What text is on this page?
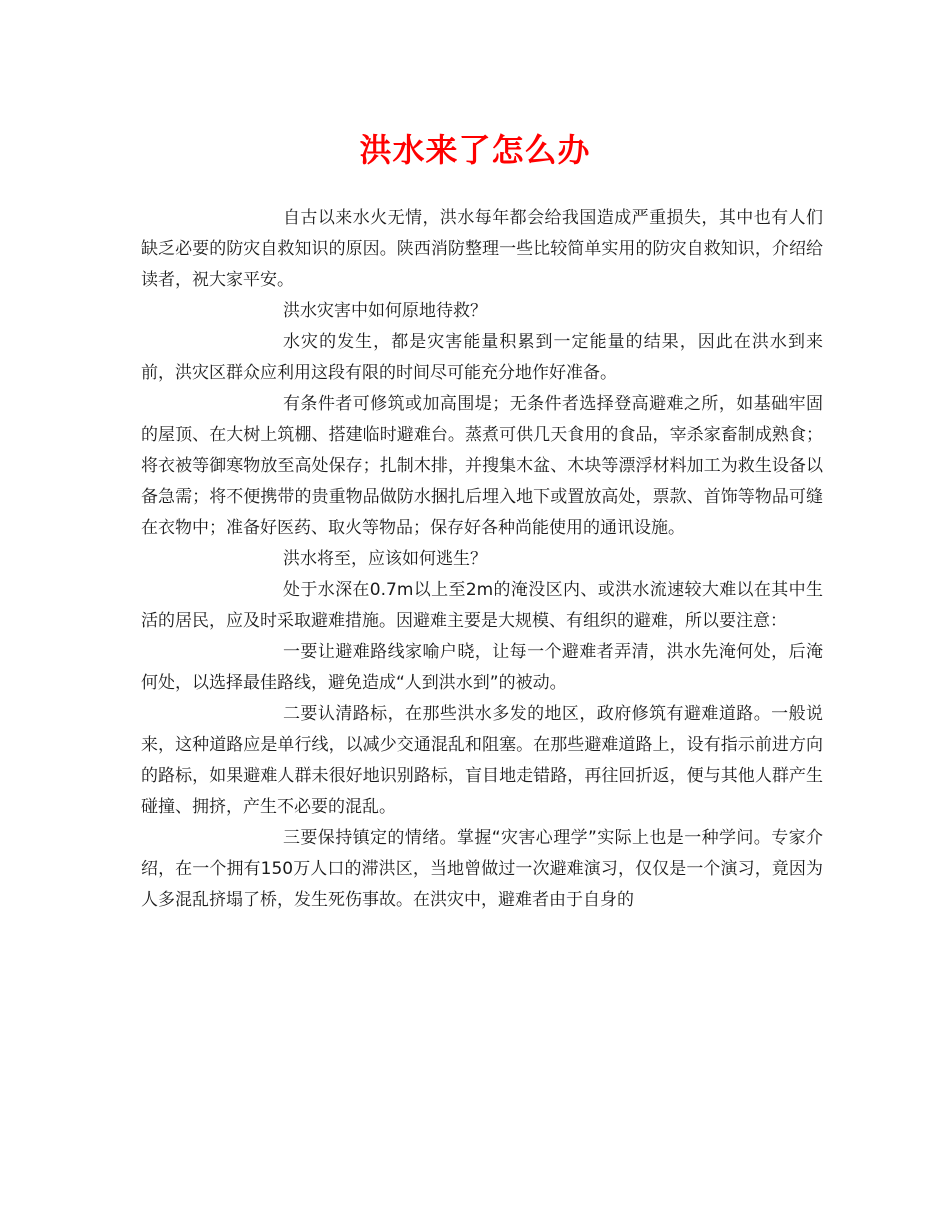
洪水来了怎么办

自古以来水火无情，洪水每年都会给我国造成严重损失，其中也有人们缺乏必要的防灾自救知识的原因。陕西消防整理一些比较简单实用的防灾自救知识，介绍给读者，祝大家平安。

洪水灾害中如何原地待救？

水灾的发生，都是灾害能量积累到一定能量的结果，因此在洪水到来前，洪灾区群众应利用这段有限的时间尽可能充分地作好准备。

有条件者可修筑或加高围堤；无条件者选择登高避难之所，如基础牢固的屋顶、在大树上筑棚、搭建临时避难台。蒸煮可供几天食用的食品，宰杀家畜制成熟食；将衣被等御寒物放至高处保存；扎制木排，并搜集木盆、木块等漂浮材料加工为救生设备以备急需；将不便携带的贵重物品做防水捆扎后埋入地下或置放高处，票款、首饰等物品可缝在衣物中；准备好医药、取火等物品；保存好各种尚能使用的通讯设施。

洪水将至，应该如何逃生？

处于水深在0.7m以上至2m的淹没区内、或洪水流速较大难以在其中生活的居民，应及时采取避难措施。因避难主要是大规模、有组织的避难，所以要注意：

一要让避难路线家喻户晓，让每一个避难者弄清，洪水先淹何处，后淹何处，以选择最佳路线，避免造成“人到洪水到”的被动。

二要认清路标，在那些洪水多发的地区，政府修筑有避难道路。一般说来，这种道路应是单行线，以减少交通混乱和阻塞。在那些避难道路上，设有指示前进方向的路标，如果避难人群未很好地识别路标，盲目地走错路，再往回折返，便与其他人群产生碰撞、拥挤，产生不必要的混乱。

三要保持镇定的情绪。掌握“灾害心理学”实际上也是一种学问。专家介绍，在一个拥有150万人口的滞洪区，当地曾做过一次避难演习，仅仅是一个演习，竟因为人多混乱挤塌了桥，发生死伤事故。在洪灾中，避难者由于自身的
